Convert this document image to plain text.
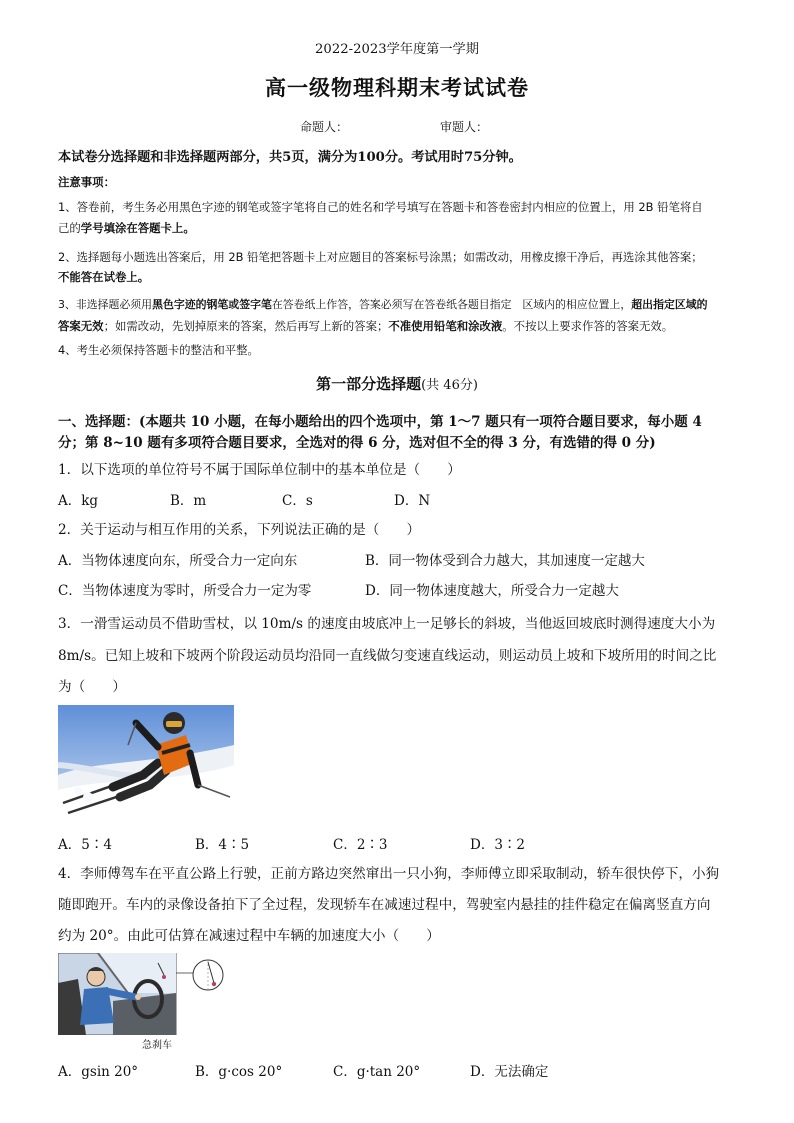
2022-2023学年度第一学期
高一级物理科期末考试试卷
命题人：	审题人：
本试卷分选择题和非选择题两部分，共5页，满分为100分。考试用时75分钟。
注意事项：
1、答卷前，考生务必用黑色字迹的钢笔或签字笔将自己的姓名和学号填写在答题卡和答卷密封内相应的位置上，用 2B 铅笔将自
己的学号填涂在答题卡上。
2、选择题每小题选出答案后，用 2B 铅笔把答题卡上对应题目的答案标号涂黑；如需改动，用橡皮擦干净后，再选涂其他答案；
不能答在试卷上。
3、非选择题必须用黑色字迹的钢笔或签字笔在答卷纸上作答，答案必须写在答卷纸各题目指定　区域内的相应位置上，超出指定区域的
答案无效；如需改动，先划掉原来的答案，然后再写上新的答案；不准使用铅笔和涂改液。不按以上要求作答的答案无效。
4、考生必须保持答题卡的整洁和平整。
第一部分选择题(共 46分)
一、选择题：(本题共 10 小题，在每小题给出的四个选项中，第 1～7 题只有一项符合题目要求，每小题 4
分；第 8~10 题有多项符合题目要求，全选对的得 6 分，选对但不全的得 3 分，有选错的得 0 分)
1．以下选项的单位符号不属于国际单位制中的基本单位是（　　）
A．kg	B．m	C．s	D．N
2．关于运动与相互作用的关系，下列说法正确的是（　　）
A．当物体速度向东，所受合力一定向东	B．同一物体受到合力越大，其加速度一定越大
C．当物体速度为零时，所受合力一定为零	D．同一物体速度越大，所受合力一定越大
3．一滑雪运动员不借助雪杖，以 10m/s 的速度由坡底冲上一足够长的斜坡，当他返回坡底时测得速度大小为
8m/s。已知上坡和下坡两个阶段运动员均沿同一直线做匀变速直线运动，则运动员上坡和下坡所用的时间之比
为（　　）
A．5∶4	B．4∶5	C．2∶3	D．3∶2
4．李师傅驾车在平直公路上行驶，正前方路边突然窜出一只小狗，李师傅立即采取制动，轿车很快停下，小狗
随即跑开。车内的录像设备拍下了全过程，发现轿车在减速过程中，驾驶室内悬挂的挂件稳定在偏离竖直方向
约为 20°。由此可估算在减速过程中车辆的加速度大小（　　）
急刹车
A．gsin 20°	B．g·cos 20°	C．g·tan 20°	D．无法确定
